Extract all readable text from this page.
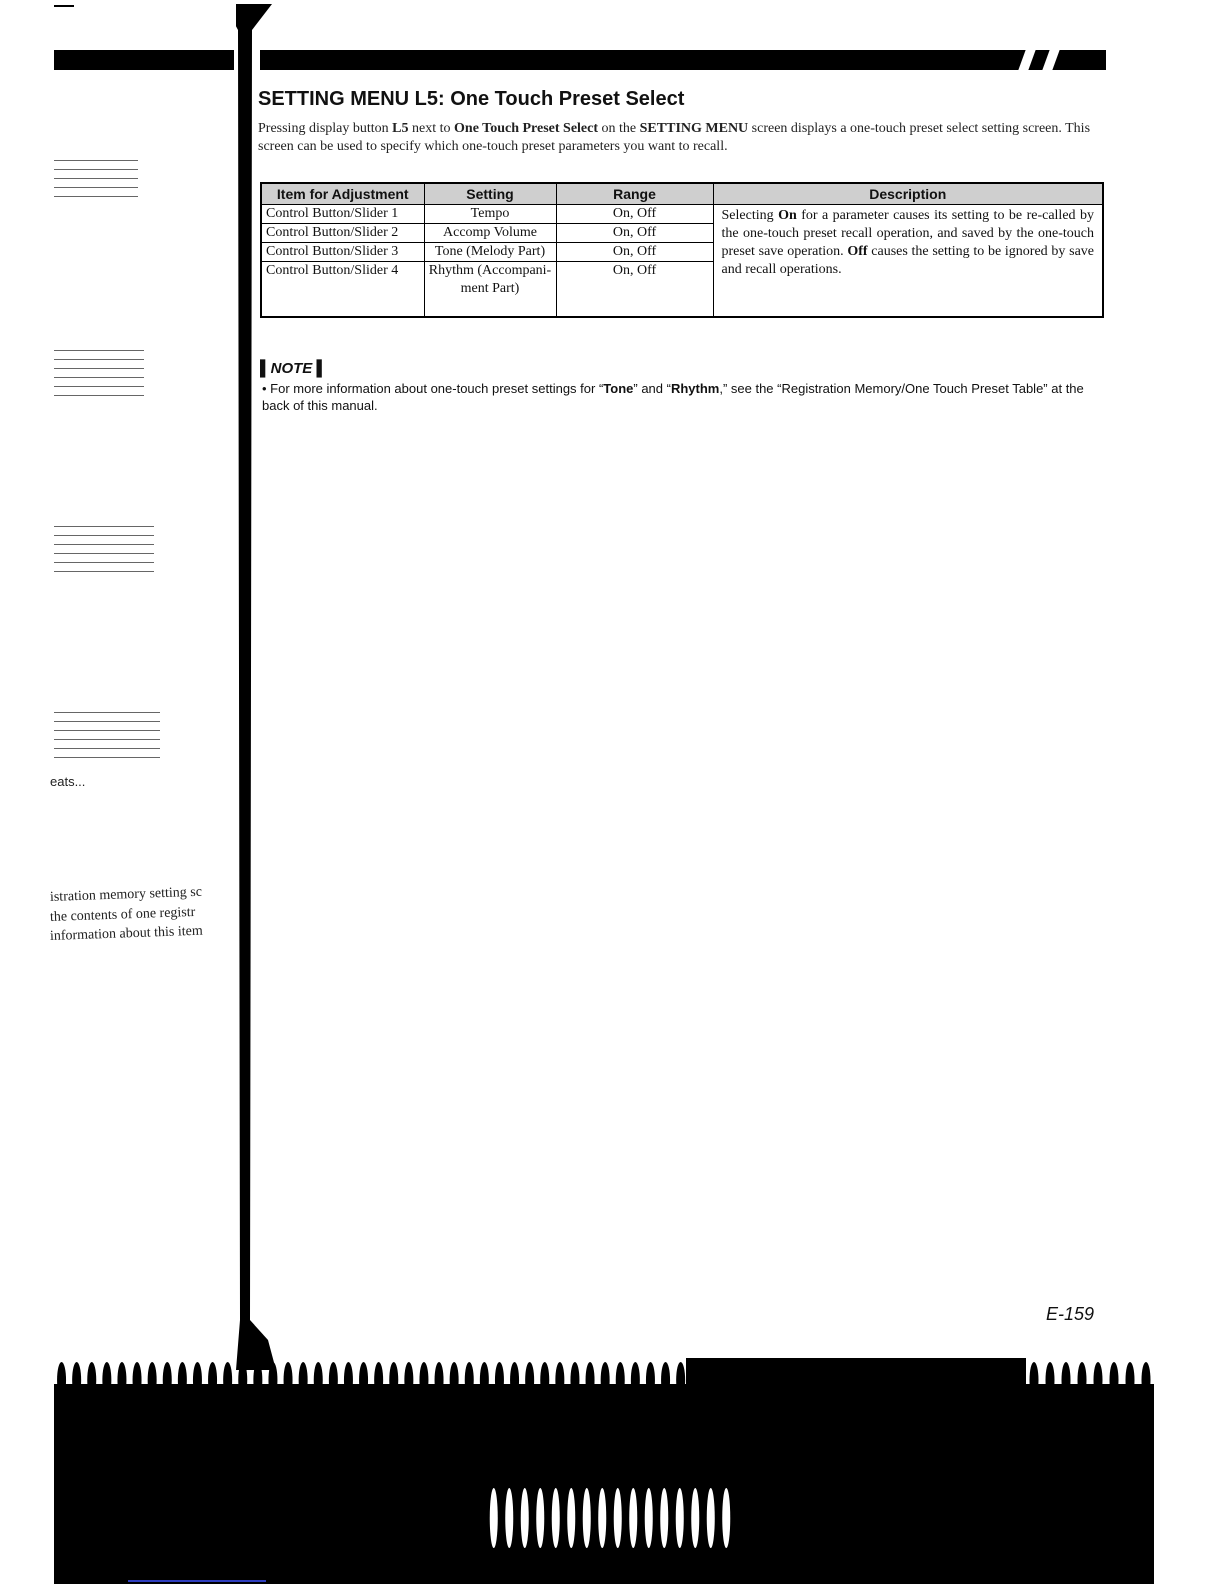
eats...
istration memory setting sc
the contents of one registr
information about this item
SETTING MENU L5: One Touch Preset Select
Pressing display button L5 next to One Touch Preset Select on the SETTING MENU screen displays a one-touch preset select setting screen. This screen can be used to specify which one-touch preset parameters you want to recall.
Item for Adjustment	Setting	Range	Description
Control Button/Slider 1	Tempo	On, Off	Selecting On for a parameter causes its setting to be re-called by the one-touch preset recall operation, and saved by the one-touch preset save operation. Off causes the setting to be ignored by save and recall operations.
Control Button/Slider 2	Accomp Volume	On, Off	
Control Button/Slider 3	Tone (Melody Part)	On, Off	
Control Button/Slider 4	Rhythm (Accompani- ment Part)	On, Off	
▌NOTE ▌
• For more information about one-touch preset settings for “Tone” and “Rhythm,” see the “Registration Memory/One Touch Preset Table” at the back of this manual.
E-159
